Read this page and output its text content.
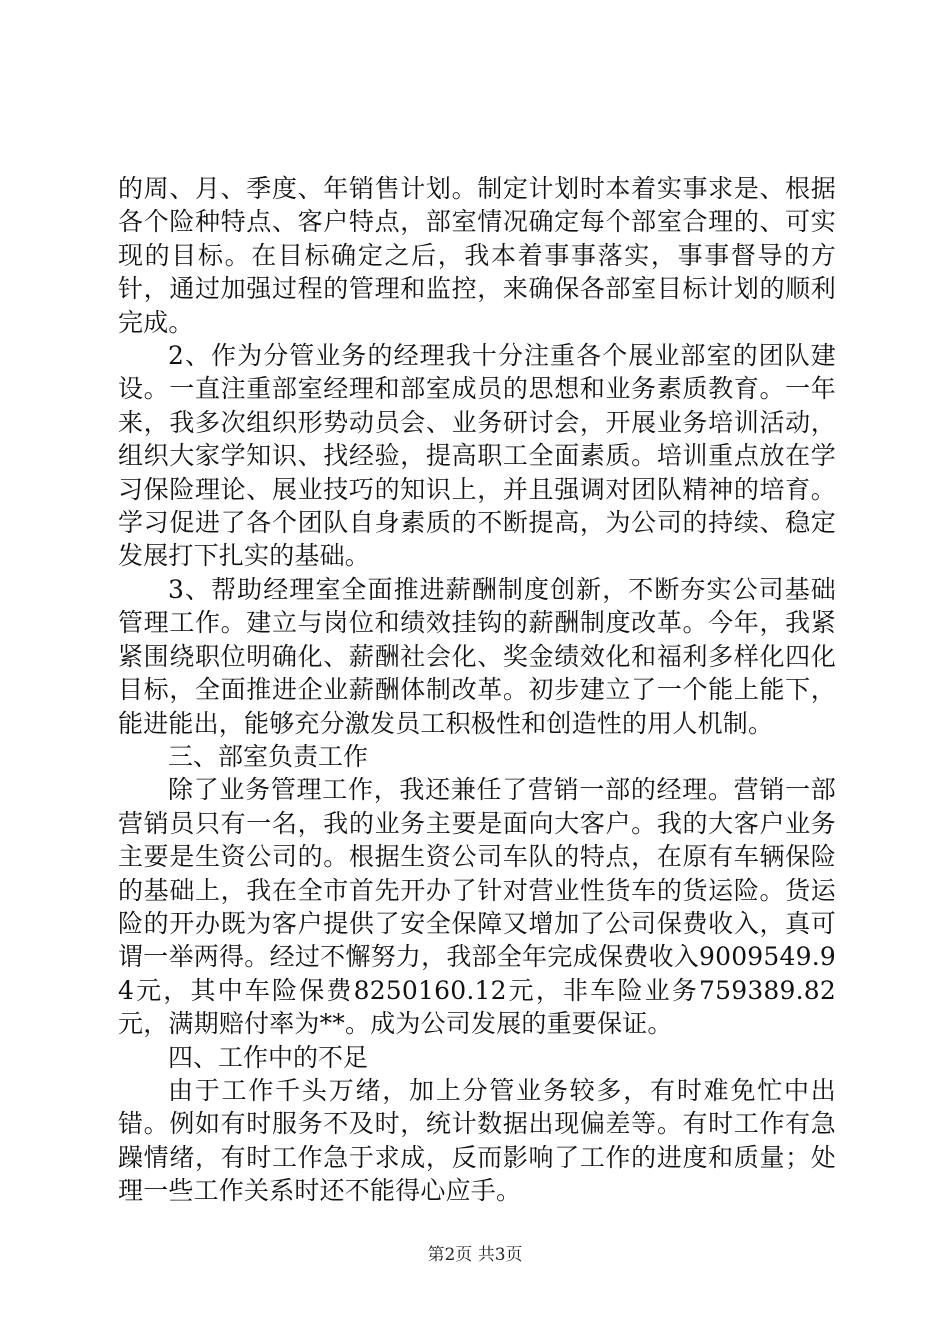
的周、月、季度、年销售计划。制定计划时本着实事求是、根据各个险种特点、客户特点，部室情况确定每个部室合理的、可实现的目标。在目标确定之后，我本着事事落实，事事督导的方针，通过加强过程的管理和监控，来确保各部室目标计划的顺利完成。

2、作为分管业务的经理我十分注重各个展业部室的团队建设。一直注重部室经理和部室成员的思想和业务素质教育。一年来，我多次组织形势动员会、业务研讨会，开展业务培训活动，组织大家学知识、找经验，提高职工全面素质。培训重点放在学习保险理论、展业技巧的知识上，并且强调对团队精神的培育。学习促进了各个团队自身素质的不断提高，为公司的持续、稳定发展打下扎实的基础。

3、帮助经理室全面推进薪酬制度创新，不断夯实公司基础管理工作。建立与岗位和绩效挂钩的薪酬制度改革。今年，我紧紧围绕职位明确化、薪酬社会化、奖金绩效化和福利多样化四化目标，全面推进企业薪酬体制改革。初步建立了一个能上能下，能进能出，能够充分激发员工积极性和创造性的用人机制。

三、部室负责工作

除了业务管理工作，我还兼任了营销一部的经理。营销一部营销员只有一名，我的业务主要是面向大客户。我的大客户业务主要是生资公司的。根据生资公司车队的特点，在原有车辆保险的基础上，我在全市首先开办了针对营业性货车的货运险。货运险的开办既为客户提供了安全保障又增加了公司保费收入，真可谓一举两得。经过不懈努力，我部全年完成保费收入9009549.94元，其中车险保费8250160.12元，非车险业务759389.82元，满期赔付率为**。成为公司发展的重要保证。

四、工作中的不足

由于工作千头万绪，加上分管业务较多，有时难免忙中出错。例如有时服务不及时，统计数据出现偏差等。有时工作有急躁情绪，有时工作急于求成，反而影响了工作的进度和质量；处理一些工作关系时还不能得心应手。

第2页 共3页
